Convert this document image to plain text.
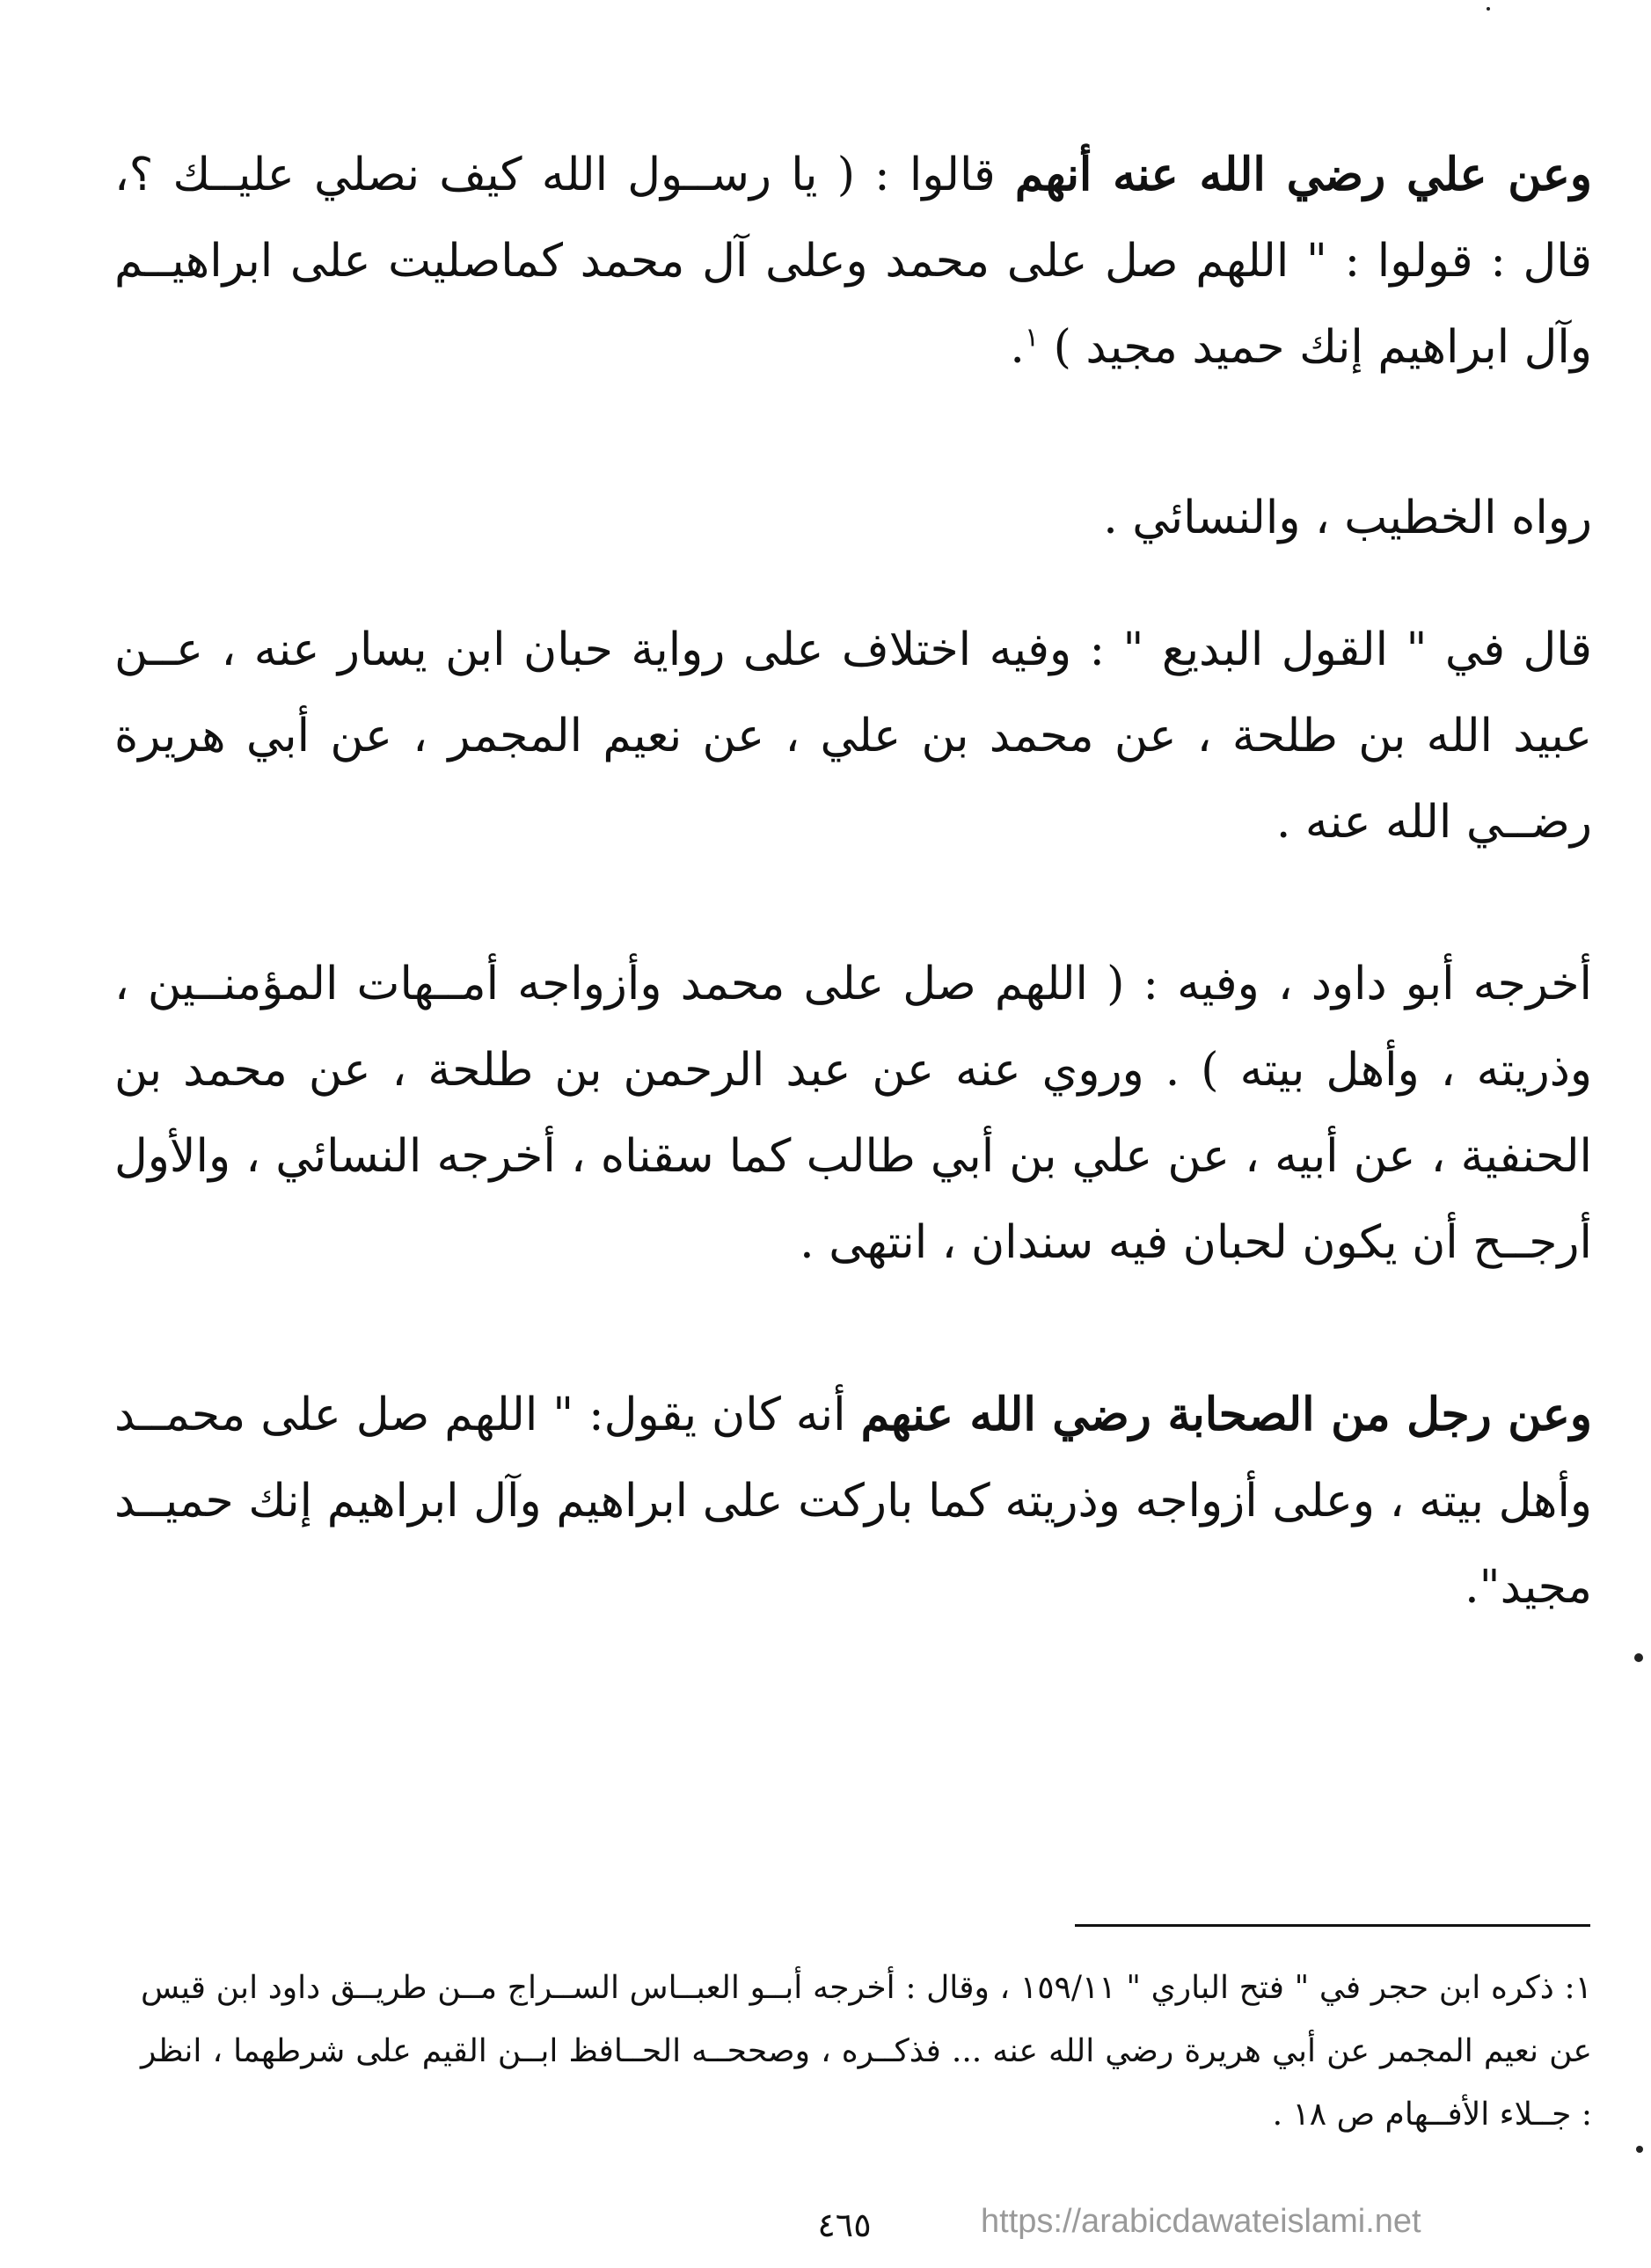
وعن علي رضي الله عنه أنهم قالوا : ( يا رســول الله كيف نصلي عليــك ؟، قال : قولوا : " اللهم صل على محمد وعلى آل محمد كماصليت على ابراهيــم وآل ابراهيم إنك حميد مجيد ) $^١$.

رواه الخطيب ، والنسائي .

قال في " القول البديع " : وفيه اختلاف على رواية حبان ابن يسار عنه ، عــن عبيد الله بن طلحة ، عن محمد بن علي ، عن نعيم المجمر ، عن أبي هريرة رضــي الله عنه .

أخرجه أبو داود ، وفيه : ( اللهم صل على محمد وأزواجه أمــهات المؤمنــين ، وذريته ، وأهل بيته ) . وروي عنه عن عبد الرحمن بن طلحة ، عن محمد بن الحنفية ، عن أبيه ، عن علي بن أبي طالب كما سقناه ، أخرجه النسائي ، والأول أرجــح أن يكون لحبان فيه سندان ، انتهى .

وعن رجل من الصحابة رضي الله عنهم أنه كان يقول: " اللهم صل على محمــد وأهل بيته ، وعلى أزواجه وذريته كما باركت على ابراهيم وآل ابراهيم إنك حميــد مجيد".

١: ذكره ابن حجر في " فتح الباري " ١٥٩/١١ ، وقال : أخرجه أبــو العبــاس الســراج مــن طريــق داود ابن قيس عن نعيم المجمر عن أبي هريرة رضي الله عنه ... فذكــره ، وصححــه الحــافظ ابــن القيم على شرطهما ، انظر : جــلاء الأفــهام ص ١٨ .

٤٦٥	https://arabicdawateislami.net
